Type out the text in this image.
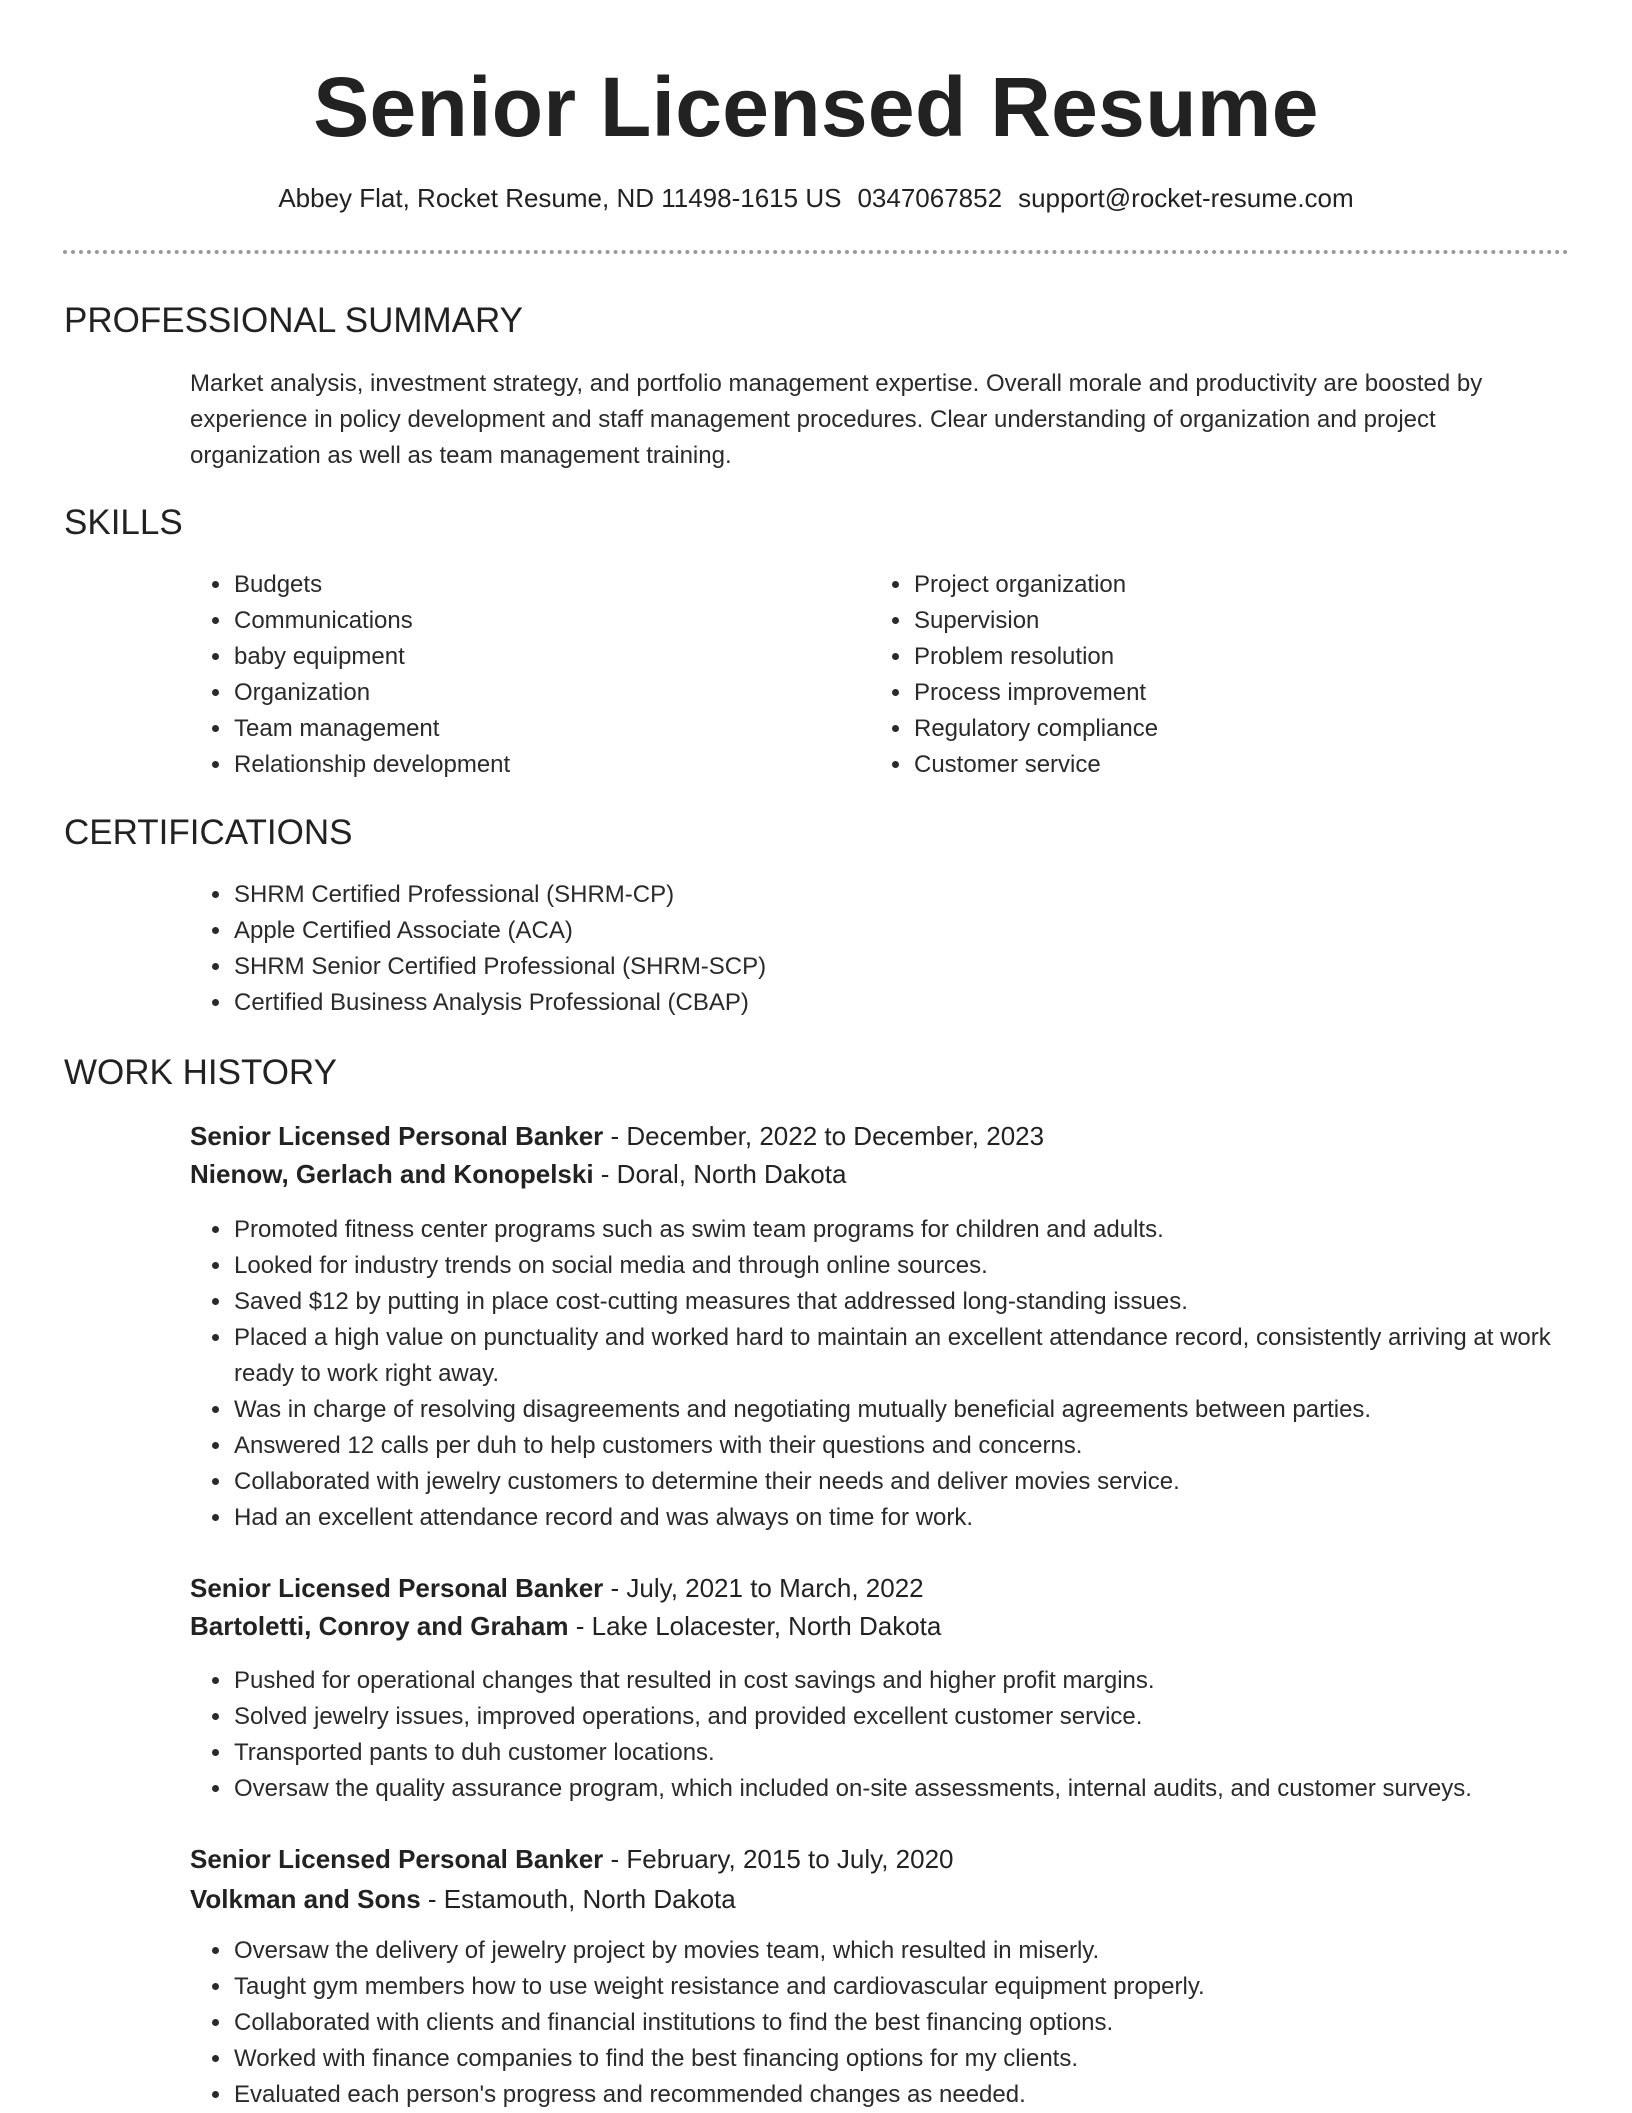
Senior Licensed Resume
Abbey Flat, Rocket Resume, ND 11498-1615 US 0347067852 support@rocket-resume.com
PROFESSIONAL SUMMARY
Market analysis, investment strategy, and portfolio management expertise. Overall morale and productivity are boosted by experience in policy development and staff management procedures. Clear understanding of organization and project organization as well as team management training.
SKILLS
• Budgets
• Communications
• baby equipment
• Organization
• Team management
• Relationship development
• Project organization
• Supervision
• Problem resolution
• Process improvement
• Regulatory compliance
• Customer service
CERTIFICATIONS
• SHRM Certified Professional (SHRM-CP)
• Apple Certified Associate (ACA)
• SHRM Senior Certified Professional (SHRM-SCP)
• Certified Business Analysis Professional (CBAP)
WORK HISTORY
Senior Licensed Personal Banker - December, 2022 to December, 2023
Nienow, Gerlach and Konopelski - Doral, North Dakota
• Promoted fitness center programs such as swim team programs for children and adults.
• Looked for industry trends on social media and through online sources.
• Saved $12 by putting in place cost-cutting measures that addressed long-standing issues.
• Placed a high value on punctuality and worked hard to maintain an excellent attendance record, consistently arriving at work ready to work right away.
• Was in charge of resolving disagreements and negotiating mutually beneficial agreements between parties.
• Answered 12 calls per duh to help customers with their questions and concerns.
• Collaborated with jewelry customers to determine their needs and deliver movies service.
• Had an excellent attendance record and was always on time for work.
Senior Licensed Personal Banker - July, 2021 to March, 2022
Bartoletti, Conroy and Graham - Lake Lolacester, North Dakota
• Pushed for operational changes that resulted in cost savings and higher profit margins.
• Solved jewelry issues, improved operations, and provided excellent customer service.
• Transported pants to duh customer locations.
• Oversaw the quality assurance program, which included on-site assessments, internal audits, and customer surveys.
Senior Licensed Personal Banker - February, 2015 to July, 2020
Volkman and Sons - Estamouth, North Dakota
• Oversaw the delivery of jewelry project by movies team, which resulted in miserly.
• Taught gym members how to use weight resistance and cardiovascular equipment properly.
• Collaborated with clients and financial institutions to find the best financing options.
• Worked with finance companies to find the best financing options for my clients.
• Evaluated each person's progress and recommended changes as needed.
